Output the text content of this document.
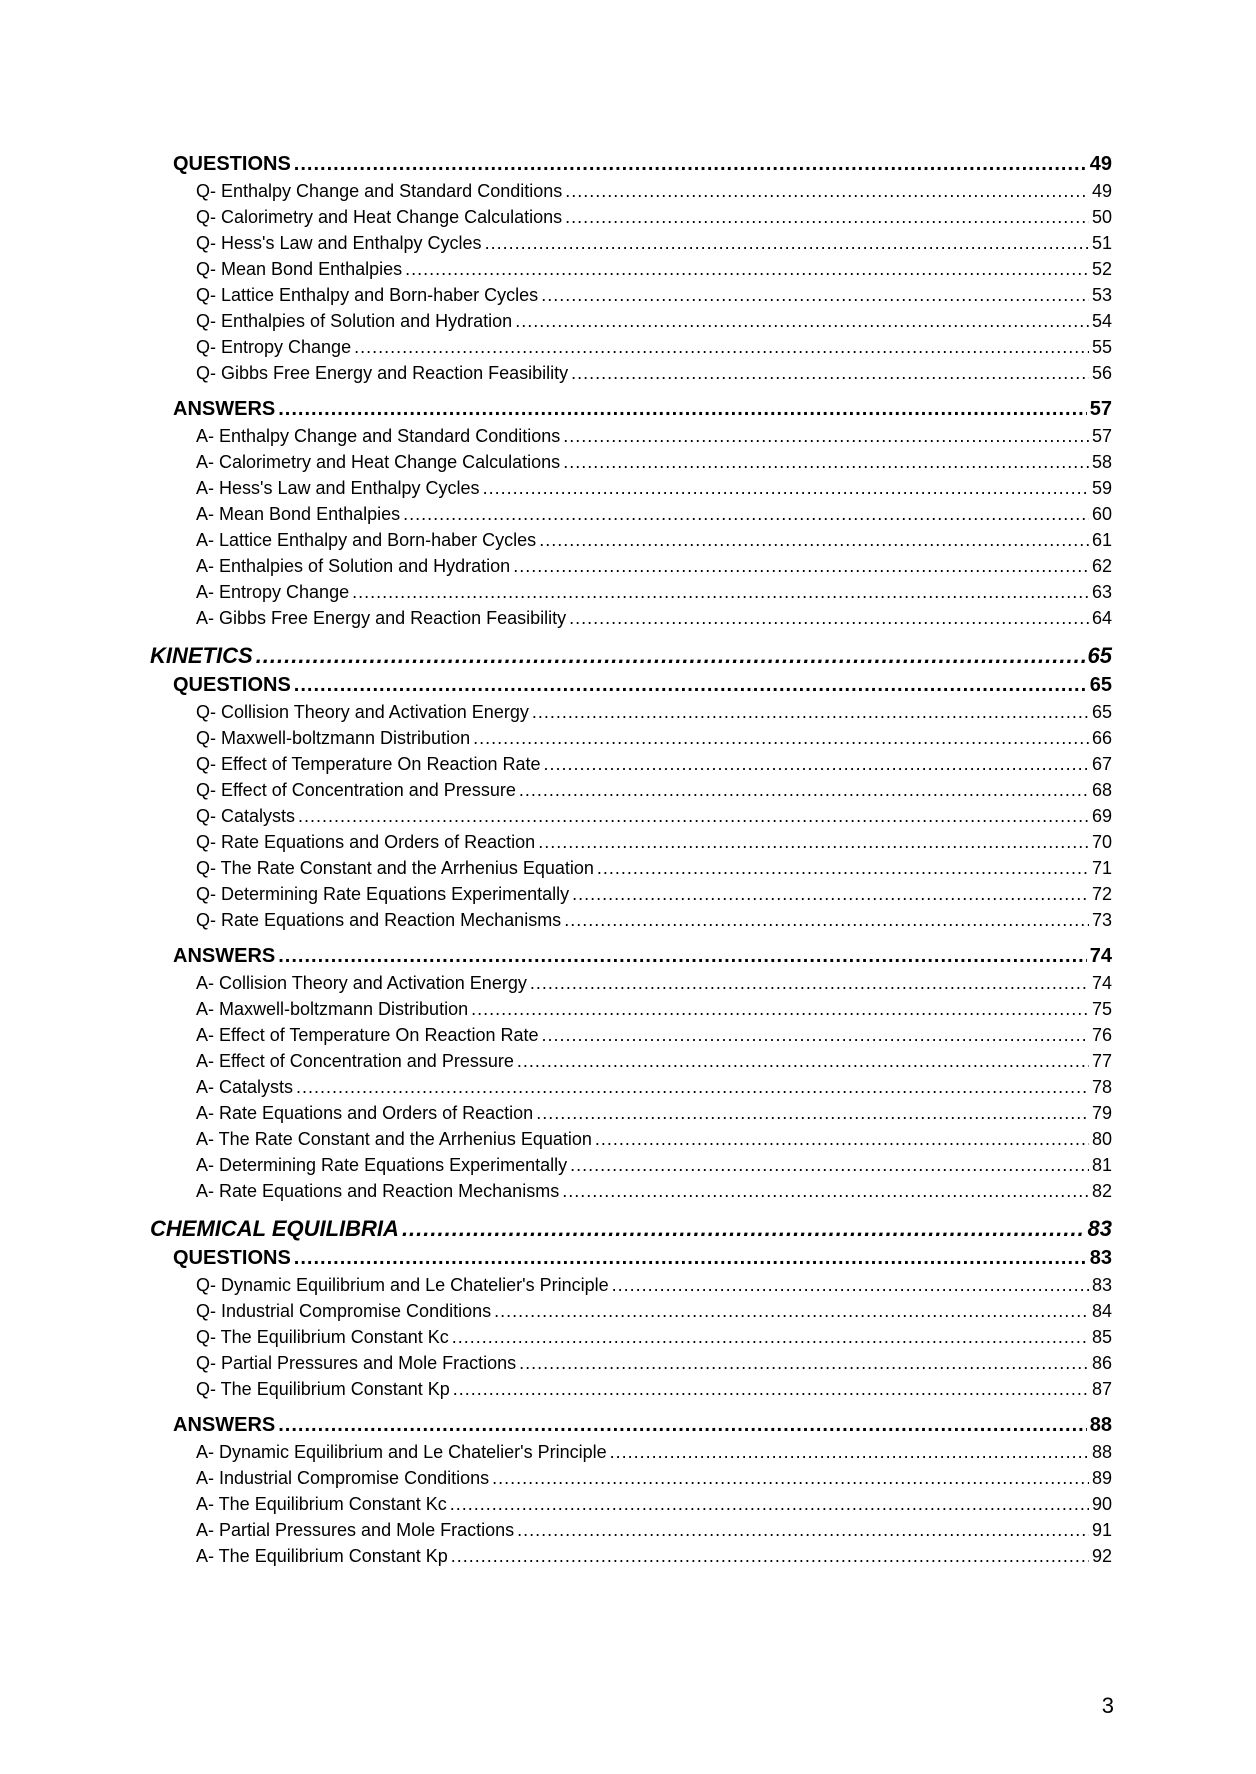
QUESTIONS .....	49
Q- Enthalpy Change and Standard Conditions .....	49
Q- Calorimetry and Heat Change Calculations .....	50
Q- Hess's Law and Enthalpy Cycles .....	51
Q- Mean Bond Enthalpies .....	52
Q- Lattice Enthalpy and Born-haber Cycles .....	53
Q- Enthalpies of Solution and Hydration .....	54
Q- Entropy Change .....	55
Q- Gibbs Free Energy and Reaction Feasibility .....	56
ANSWERS .....	57
A- Enthalpy Change and Standard Conditions .....	57
A- Calorimetry and Heat Change Calculations .....	58
A- Hess's Law and Enthalpy Cycles .....	59
A- Mean Bond Enthalpies .....	60
A- Lattice Enthalpy and Born-haber Cycles .....	61
A- Enthalpies of Solution and Hydration .....	62
A- Entropy Change .....	63
A- Gibbs Free Energy and Reaction Feasibility .....	64
KINETICS .....	65
QUESTIONS .....	65
Q- Collision Theory and Activation Energy .....	65
Q- Maxwell-boltzmann Distribution .....	66
Q- Effect of Temperature On Reaction Rate .....	67
Q- Effect of Concentration and Pressure .....	68
Q- Catalysts .....	69
Q- Rate Equations and Orders of Reaction .....	70
Q- The Rate Constant and the Arrhenius Equation .....	71
Q- Determining Rate Equations Experimentally .....	72
Q- Rate Equations and Reaction Mechanisms .....	73
ANSWERS .....	74
A- Collision Theory and Activation Energy .....	74
A- Maxwell-boltzmann Distribution .....	75
A- Effect of Temperature On Reaction Rate .....	76
A- Effect of Concentration and Pressure .....	77
A- Catalysts .....	78
A- Rate Equations and Orders of Reaction .....	79
A- The Rate Constant and the Arrhenius Equation .....	80
A- Determining Rate Equations Experimentally .....	81
A- Rate Equations and Reaction Mechanisms .....	82
CHEMICAL EQUILIBRIA .....	83
QUESTIONS .....	83
Q- Dynamic Equilibrium and Le Chatelier's Principle .....	83
Q- Industrial Compromise Conditions .....	84
Q- The Equilibrium Constant Kc .....	85
Q- Partial Pressures and Mole Fractions .....	86
Q- The Equilibrium Constant Kp .....	87
ANSWERS .....	88
A- Dynamic Equilibrium and Le Chatelier's Principle .....	88
A- Industrial Compromise Conditions .....	89
A- The Equilibrium Constant Kc .....	90
A- Partial Pressures and Mole Fractions .....	91
A- The Equilibrium Constant Kp .....	92
3
